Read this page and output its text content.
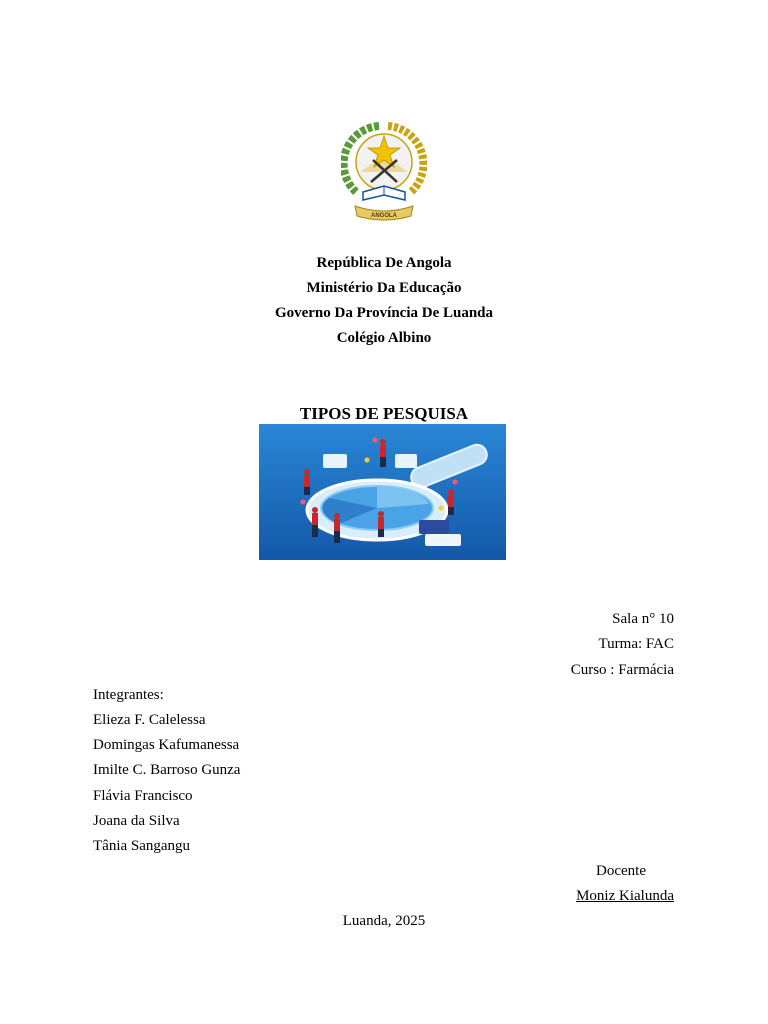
ANGOLA
República De Angola
Ministério Da Educação
Governo Da Província De Luanda
Colégio Albino
TIPOS DE PESQUISA
Sala n° 10
Turma: FAC
Curso : Farmácia
Integrantes:
Elieza F. Calelessa
Domingas Kafumanessa
Imilte C. Barroso Gunza
Flávia Francisco
Joana da Silva
Tânia Sangangu
Docente
Moniz Kialunda
Luanda, 2025
